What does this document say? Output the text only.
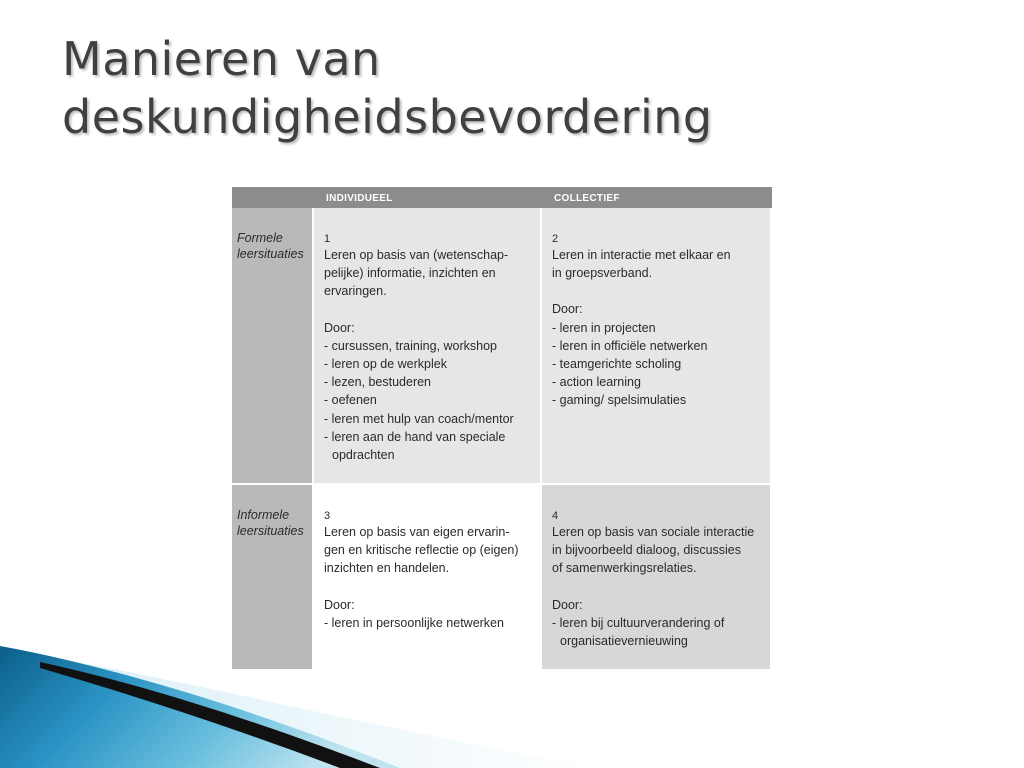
Manieren van
deskundigheidsbevordering
INDIVIDUEEL	COLLECTIEF
Formele
leersituaties
1
Leren op basis van (wetenschap-
pelijke) informatie, inzichten en
ervaringen.
Door:
- cursussen, training, workshop
- leren op de werkplek
- lezen, bestuderen
- oefenen
- leren met hulp van coach/mentor
- leren aan de hand van speciale
opdrachten
2
Leren in interactie met elkaar en
in groepsverband.
Door:
- leren in projecten
- leren in officiële netwerken
- teamgerichte scholing
- action learning
- gaming/ spelsimulaties
Informele
leersituaties
3
Leren op basis van eigen ervarin-
gen en kritische reflectie op (eigen)
inzichten en handelen.
Door:
- leren in persoonlijke netwerken
4
Leren op basis van sociale interactie
in bijvoorbeeld dialoog, discussies
of samenwerkingsrelaties.
Door:
- leren bij cultuurverandering of
organisatievernieuwing
